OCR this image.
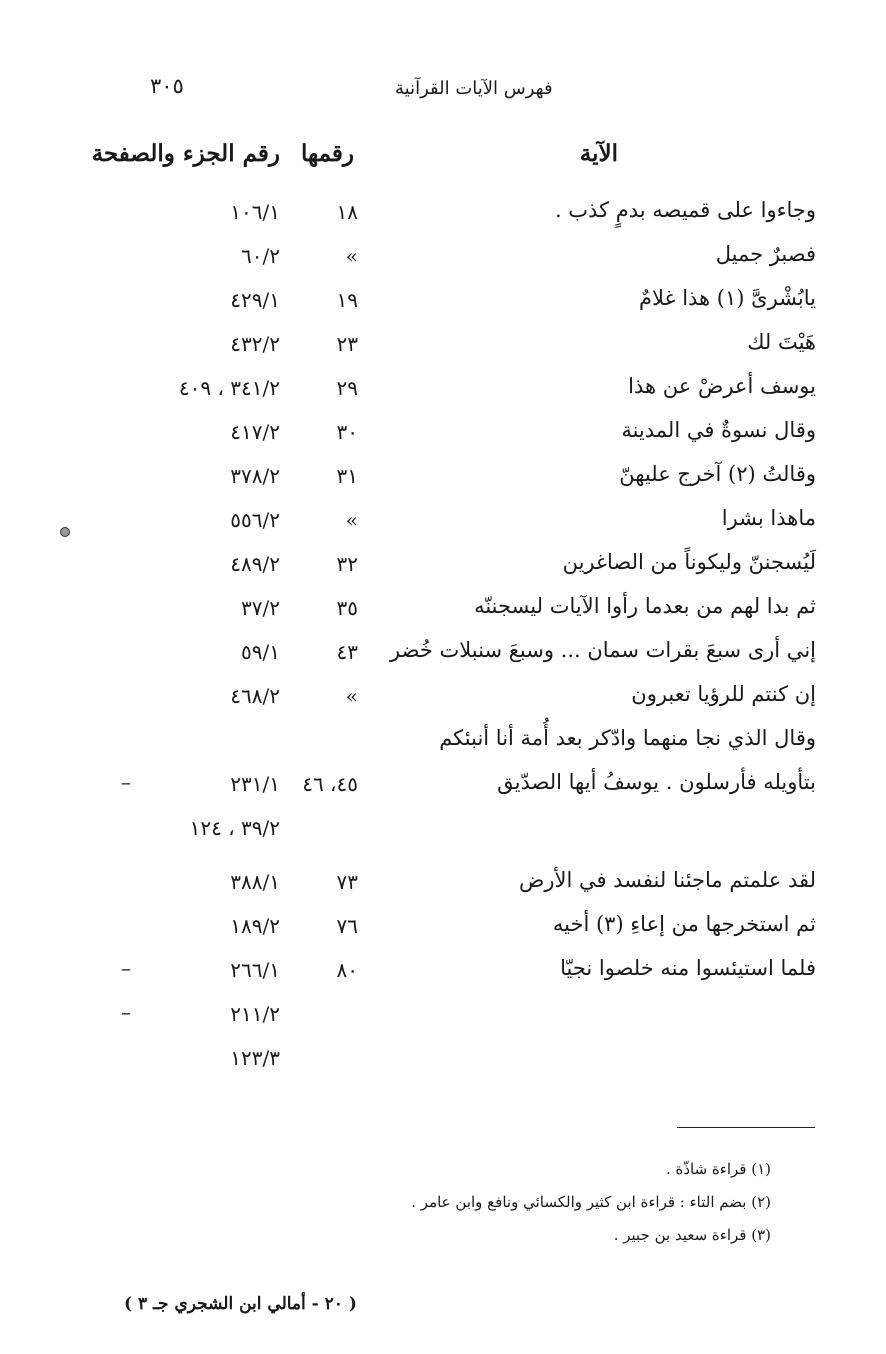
٣٠٥	فهرس الآيات القرآنية
الآية
رقمها
رقم الجزء والصفحة
وجاءوا على قميصه بدمٍ كذب .
١٨
١٠٦/١
فصبرٌ جميل
»
٦٠/٢
يابُشْرىَّ (١) هذا غلامٌ
١٩
٤٢٩/١
هَيْتَ لك
٢٣
٤٣٢/٢
يوسف أعرضْ عن هذا
٢٩
٣٤١/٢ ، ٤٠٩
وقال نسوةٌ في المدينة
٣٠
٤١٧/٢
وقالتُ (٢) آخرج عليهنّ
٣١
٣٧٨/٢
ماهذا بشرا
»
٥٥٦/٢
لَيُسجننّ وليكوناً من الصاغرين
٣٢
٤٨٩/٢
ثم بدا لهم من بعدما رأوا الآيات ليسجننّه
٣٥
٣٧/٢
إني أرى سبعَ بقرات سمان ... وسبعَ سنبلات خُضر
٤٣
٥٩/١
إن كنتم للرؤيا تعبرون
»
٤٦٨/٢
وقال الذي نجا منهما وادّكر بعد أُمة أنا أنبئكم
بتأويله فأرسلون . يوسفُ أيها الصدّيق
٤٥، ٤٦
٢٣١/١
–
٣٩/٢ ، ١٢٤
لقد علمتم ماجئنا لنفسد في الأرض
٧٣
٣٨٨/١
ثم استخرجها من إعاءِ (٣) أخيه
٧٦
١٨٩/٢
فلما استيئسوا منه خلصوا نجيّا
٨٠
٢٦٦/١
–
٢١١/٢
–
١٢٣/٣
(١) قراءة شاذّة .
(٢) بضم التاء : قراءة ابن كثير والكسائي ونافع وابن عامر .
(٣) قراءة سعيد بن جبير .
( ٢٠ - أمالي ابن الشجري جـ ٣ )
